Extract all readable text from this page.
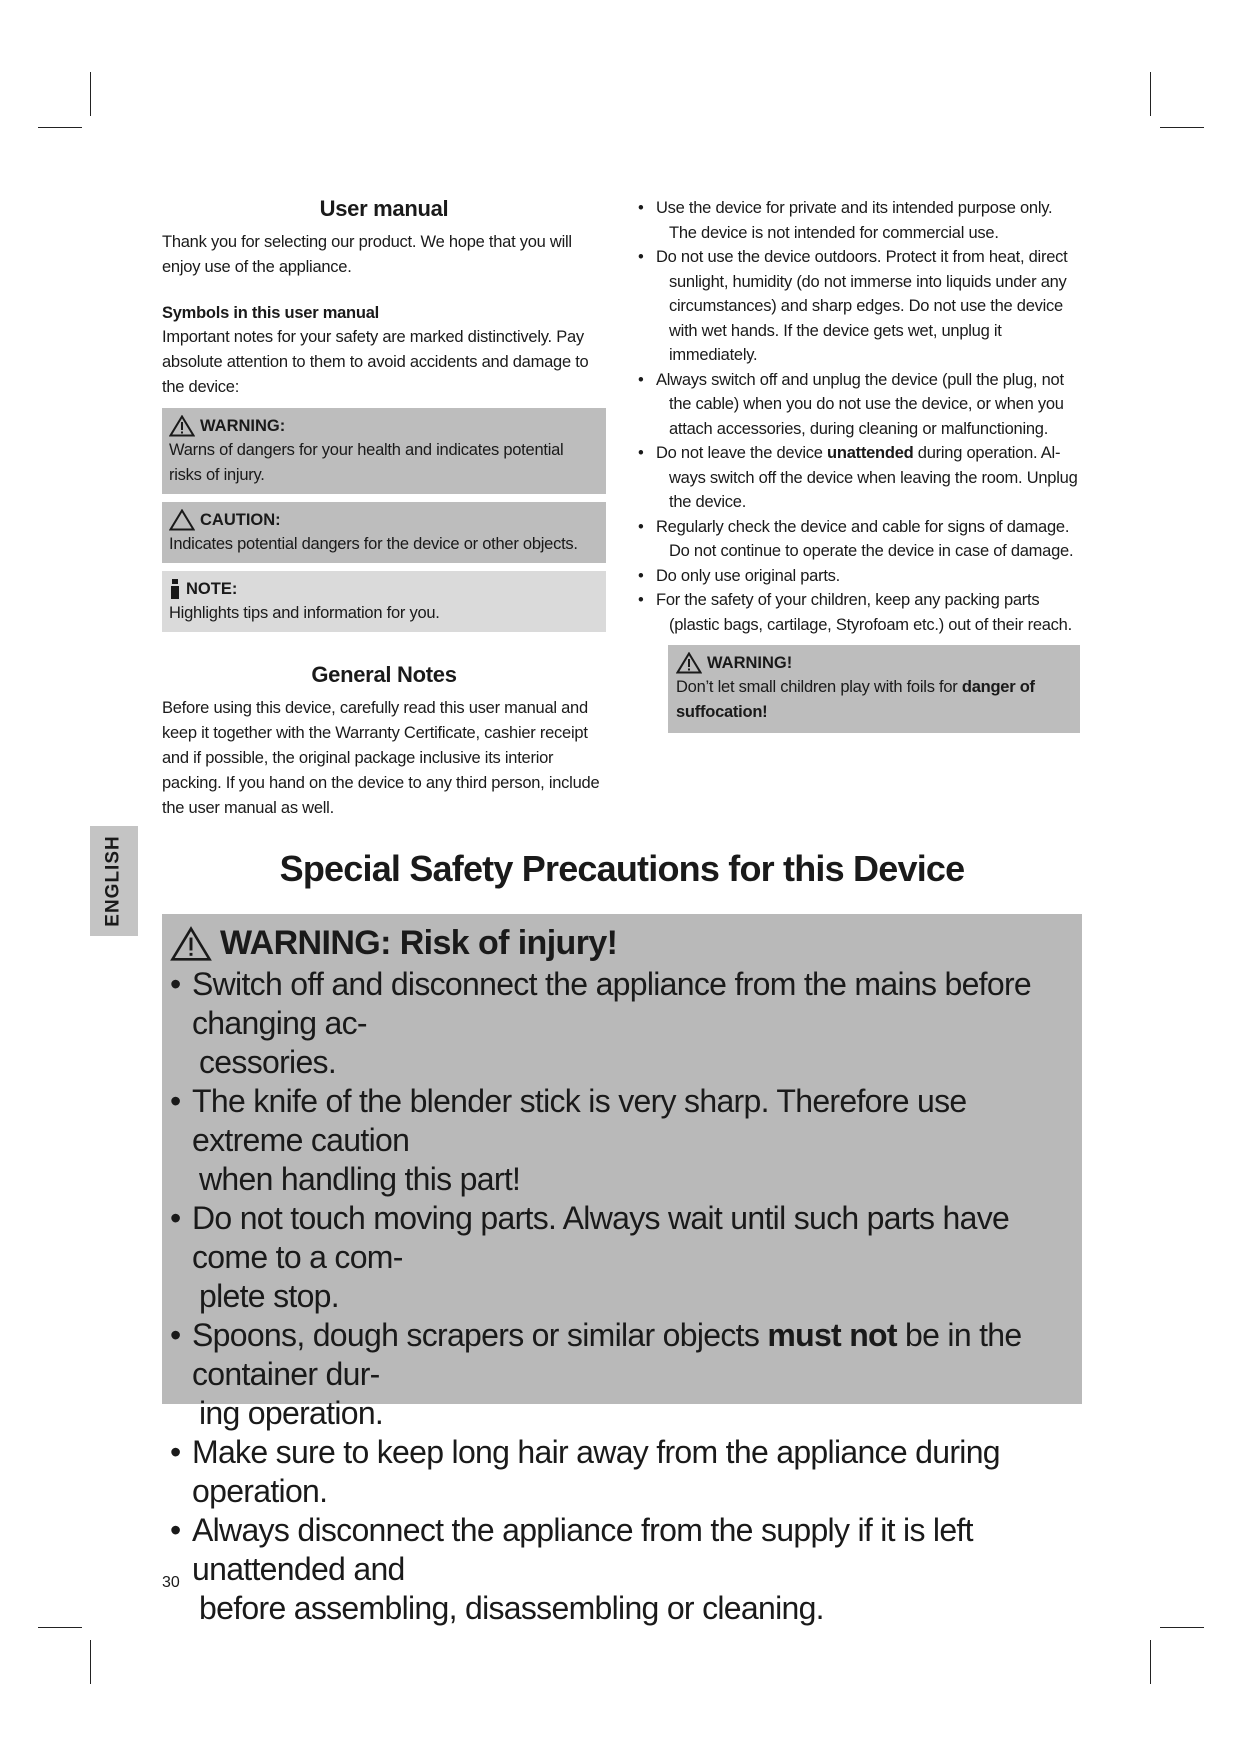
User manual

Thank you for selecting our product. We hope that you will enjoy use of the appliance.

Symbols in this user manual

Important notes for your safety are marked distinctively. Pay absolute attention to them to avoid accidents and damage to the device:

WARNING:
Warns of dangers for your health and indicates potential risks of injury.
CAUTION:
Indicates potential dangers for the device or other objects.
NOTE:
Highlights tips and information for you.
General Notes

Before using this device, carefully read this user manual and keep it together with the Warranty Certificate, cashier receipt and if possible, the original package inclusive its interior packing. If you hand on the device to any third person, include the user manual as well.

• Use the device for private and its intended purpose only.
The device is not intended for commercial use.
• Do not use the device outdoors. Protect it from heat, direct
sunlight, humidity (do not immerse into liquids under any circumstances) and sharp edges. Do not use the device with wet hands. If the device gets wet, unplug it immediately.
• Always switch off and unplug the device (pull the plug, not
the cable) when you do not use the device, or when you attach accessories, during cleaning or malfunctioning.
• Do not leave the device unattended during operation. Al-
ways switch off the device when leaving the room. Unplug the device.
• Regularly check the device and cable for signs of damage.
Do not continue to operate the device in case of damage.
• Do only use original parts.
• For the safety of your children, keep any packing parts
(plastic bags, cartilage, Styrofoam etc.) out of their reach.
WARNING!
Don’t let small children play with foils for danger of suffocation!
ENGLISH	Special Safety Precautions for this Device
WARNING: Risk of injury!
• Switch off and disconnect the appliance from the mains before changing ac-
cessories.
• The knife of the blender stick is very sharp. Therefore use extreme caution
when handling this part!
• Do not touch moving parts. Always wait until such parts have come to a com-
plete stop.
• Spoons, dough scrapers or similar objects must not be in the container dur-
ing operation.
• Make sure to keep long hair away from the appliance during operation.
• Always disconnect the appliance from the supply if it is left unattended and
before assembling, disassembling or cleaning.
30
